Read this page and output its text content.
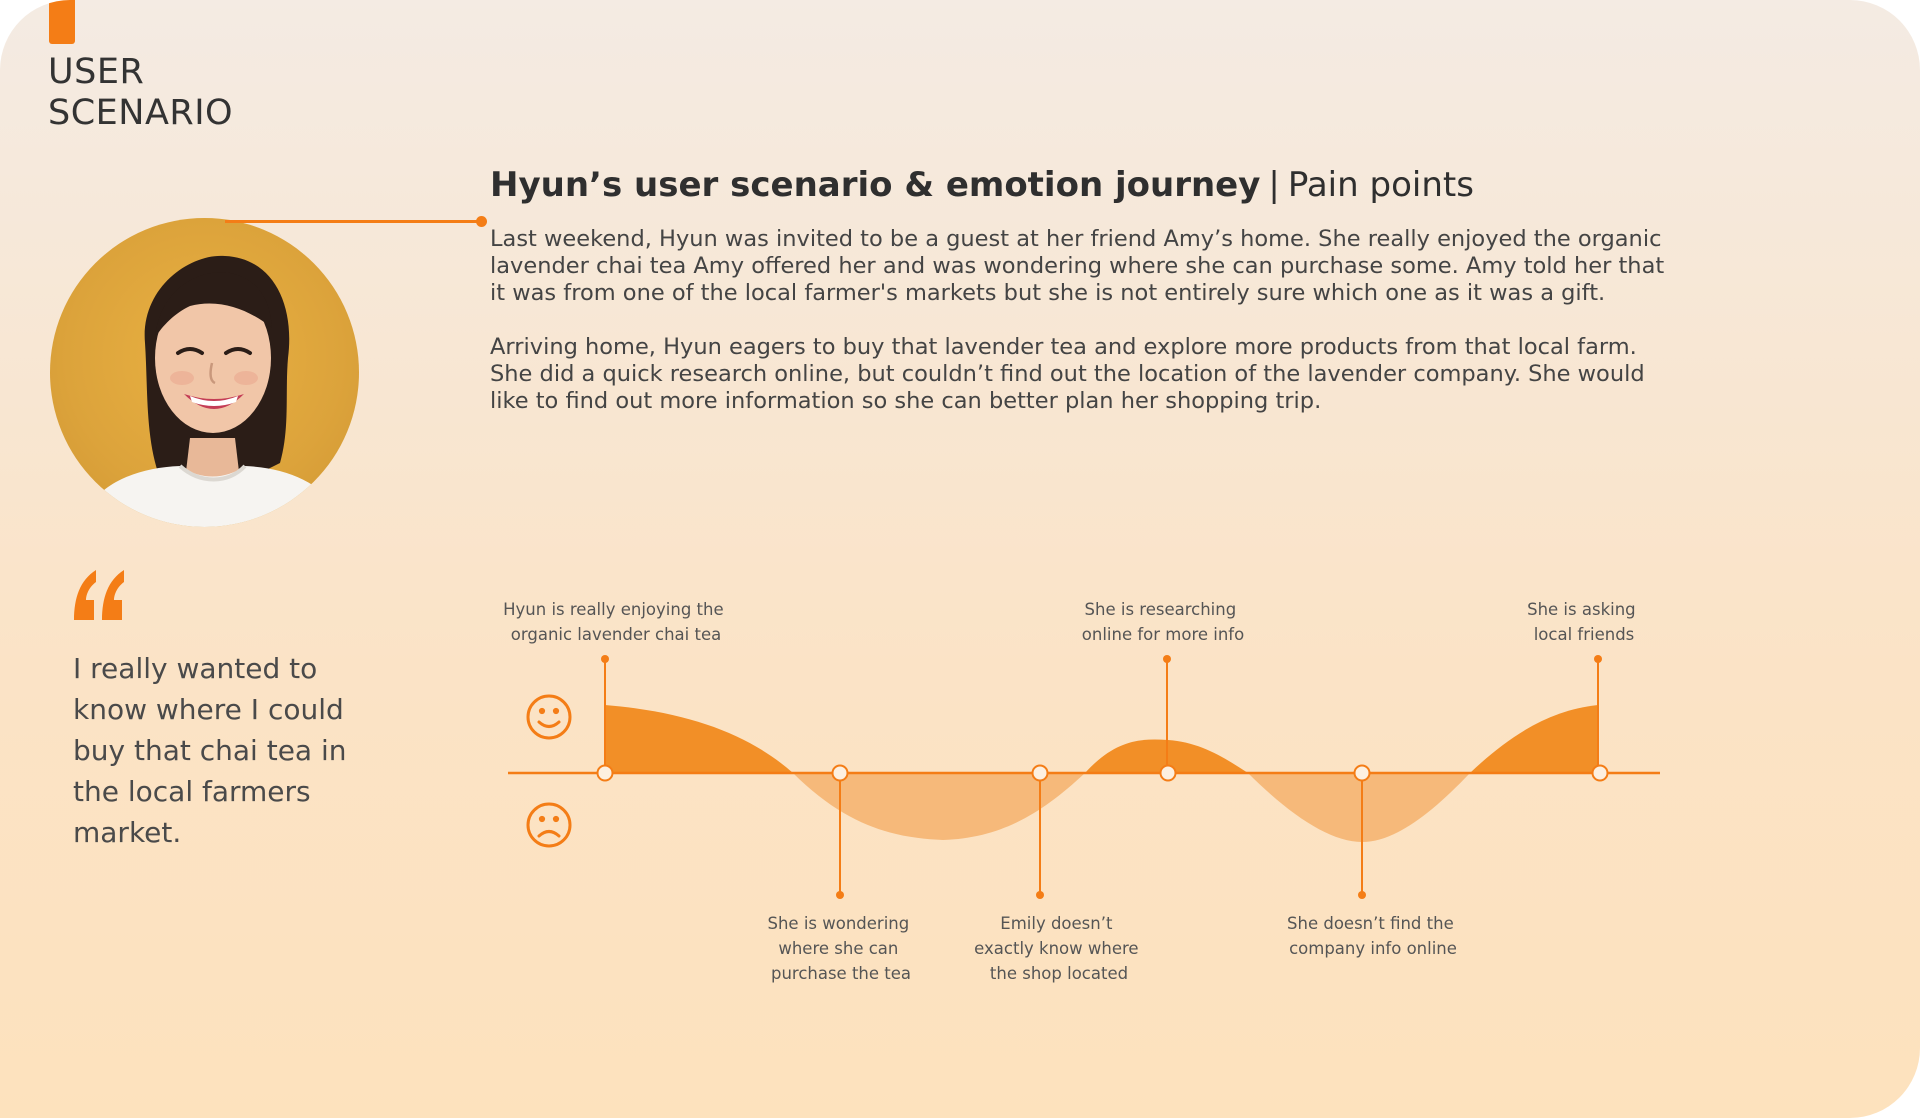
USER SCENARIO
Hyun’s user scenario & emotion journey | Pain points

Last weekend, Hyun was invited to be a guest at her friend Amy’s home. She really enjoyed the organic lavender chai tea Amy offered her and was wondering where she can purchase some. Amy told her that it was from one of the local farmer's markets but she is not entirely sure which one as it was a gift.

Arriving home, Hyun eagers to buy that lavender tea and explore more products from that local farm. She did a quick research online, but couldn’t find out the location of the lavender company. She would like to find out more information so she can better plan her shopping trip.

I really wanted to know where I could buy that chai tea in the local farmers market.

Hyun is really enjoying the organic lavender chai tea
She is wondering where she can purchase the tea
Emily doesn’t exactly know where the shop located
She is researching online for more info
She doesn’t find the company info online
She is asking local friends
